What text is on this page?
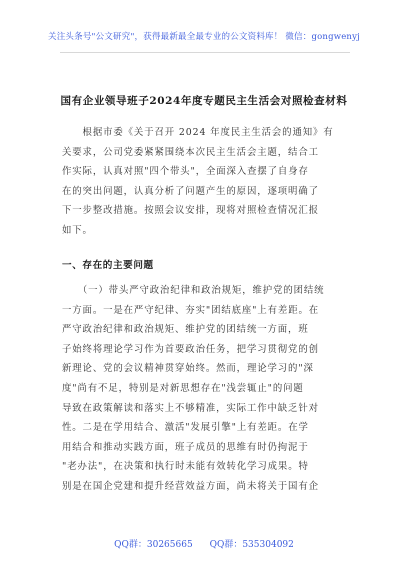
关注头条号"公文研究"，获得最新最全最专业的公文资料库！ 微信：gongwenyj
国有企业领导班子2024年度专题民主生活会对照检查材料
　　根据市委《关于召开 2024 年度民主生活会的通知》有
关要求，公司党委紧紧围绕本次民主生活会主题，结合工
作实际，认真对照"四个带头"，全面深入查摆了自身存
在的突出问题，认真分析了问题产生的原因，逐项明确了
下一步整改措施。按照会议安排，现将对照检查情况汇报
如下。
一、存在的主要问题
　　（一）带头严守政治纪律和政治规矩，维护党的团结统
一方面。一是在严守纪律、夯实"团结底座"上有差距。在
严守政治纪律和政治规矩、维护党的团结统一方面，班
子始终将理论学习作为首要政治任务，把学习贯彻党的创
新理论、党的会议精神贯穿始终。然而，理论学习的"深
度"尚有不足，特别是对新思想存在"浅尝辄止"的问题
导致在政策解读和落实上不够精准，实际工作中缺乏针对
性。二是在学用结合、激活"发展引擎"上有差距。在学
用结合和推动实践方面，班子成员的思维有时仍拘泥于
"老办法"，在决策和执行时未能有效转化学习成果。特
别是在国企党建和提升经营效益方面，尚未将关于国有企
QQ群：30265665 QQ群：535304092
